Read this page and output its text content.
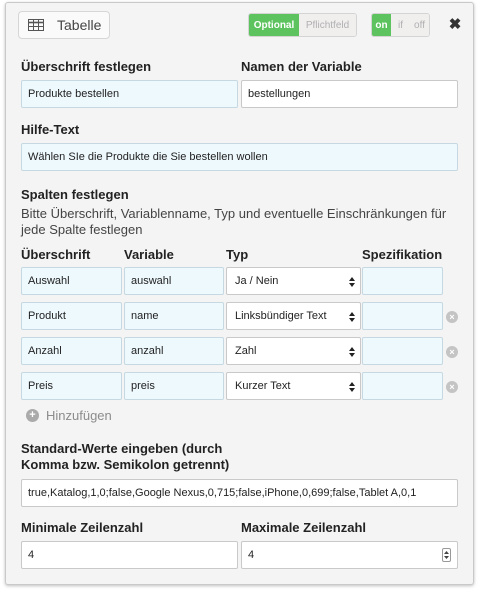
Tabelle	Optional	Pflichtfeld	on	if	off ✖
Überschrift festlegen	Namen der Variable
Produkte bestellen	bestellungen
Hilfe-Text
Wählen SIe die Produkte die Sie bestellen wollen
Spalten festlegen
Bitte Überschrift, Variablenname, Typ und eventuelle Einschränkungen für jede Spalte festlegen
Überschrift	Variable	Typ	Spezifikation
Auswahl	auswahl	Ja / Nein
Produkt	name	Linksbündiger Text	×
Anzahl	anzahl	Zahl	×
Preis	preis	Kurzer Text	×
+ Hinzufügen
Standard-Werte eingeben (durch Komma bzw. Semikolon getrennt)
true,Katalog,1,0;false,Google Nexus,0,715;false,iPhone,0,699;false,Tablet A,0,1
Minimale Zeilenzahl	Maximale Zeilenzahl
4	4
